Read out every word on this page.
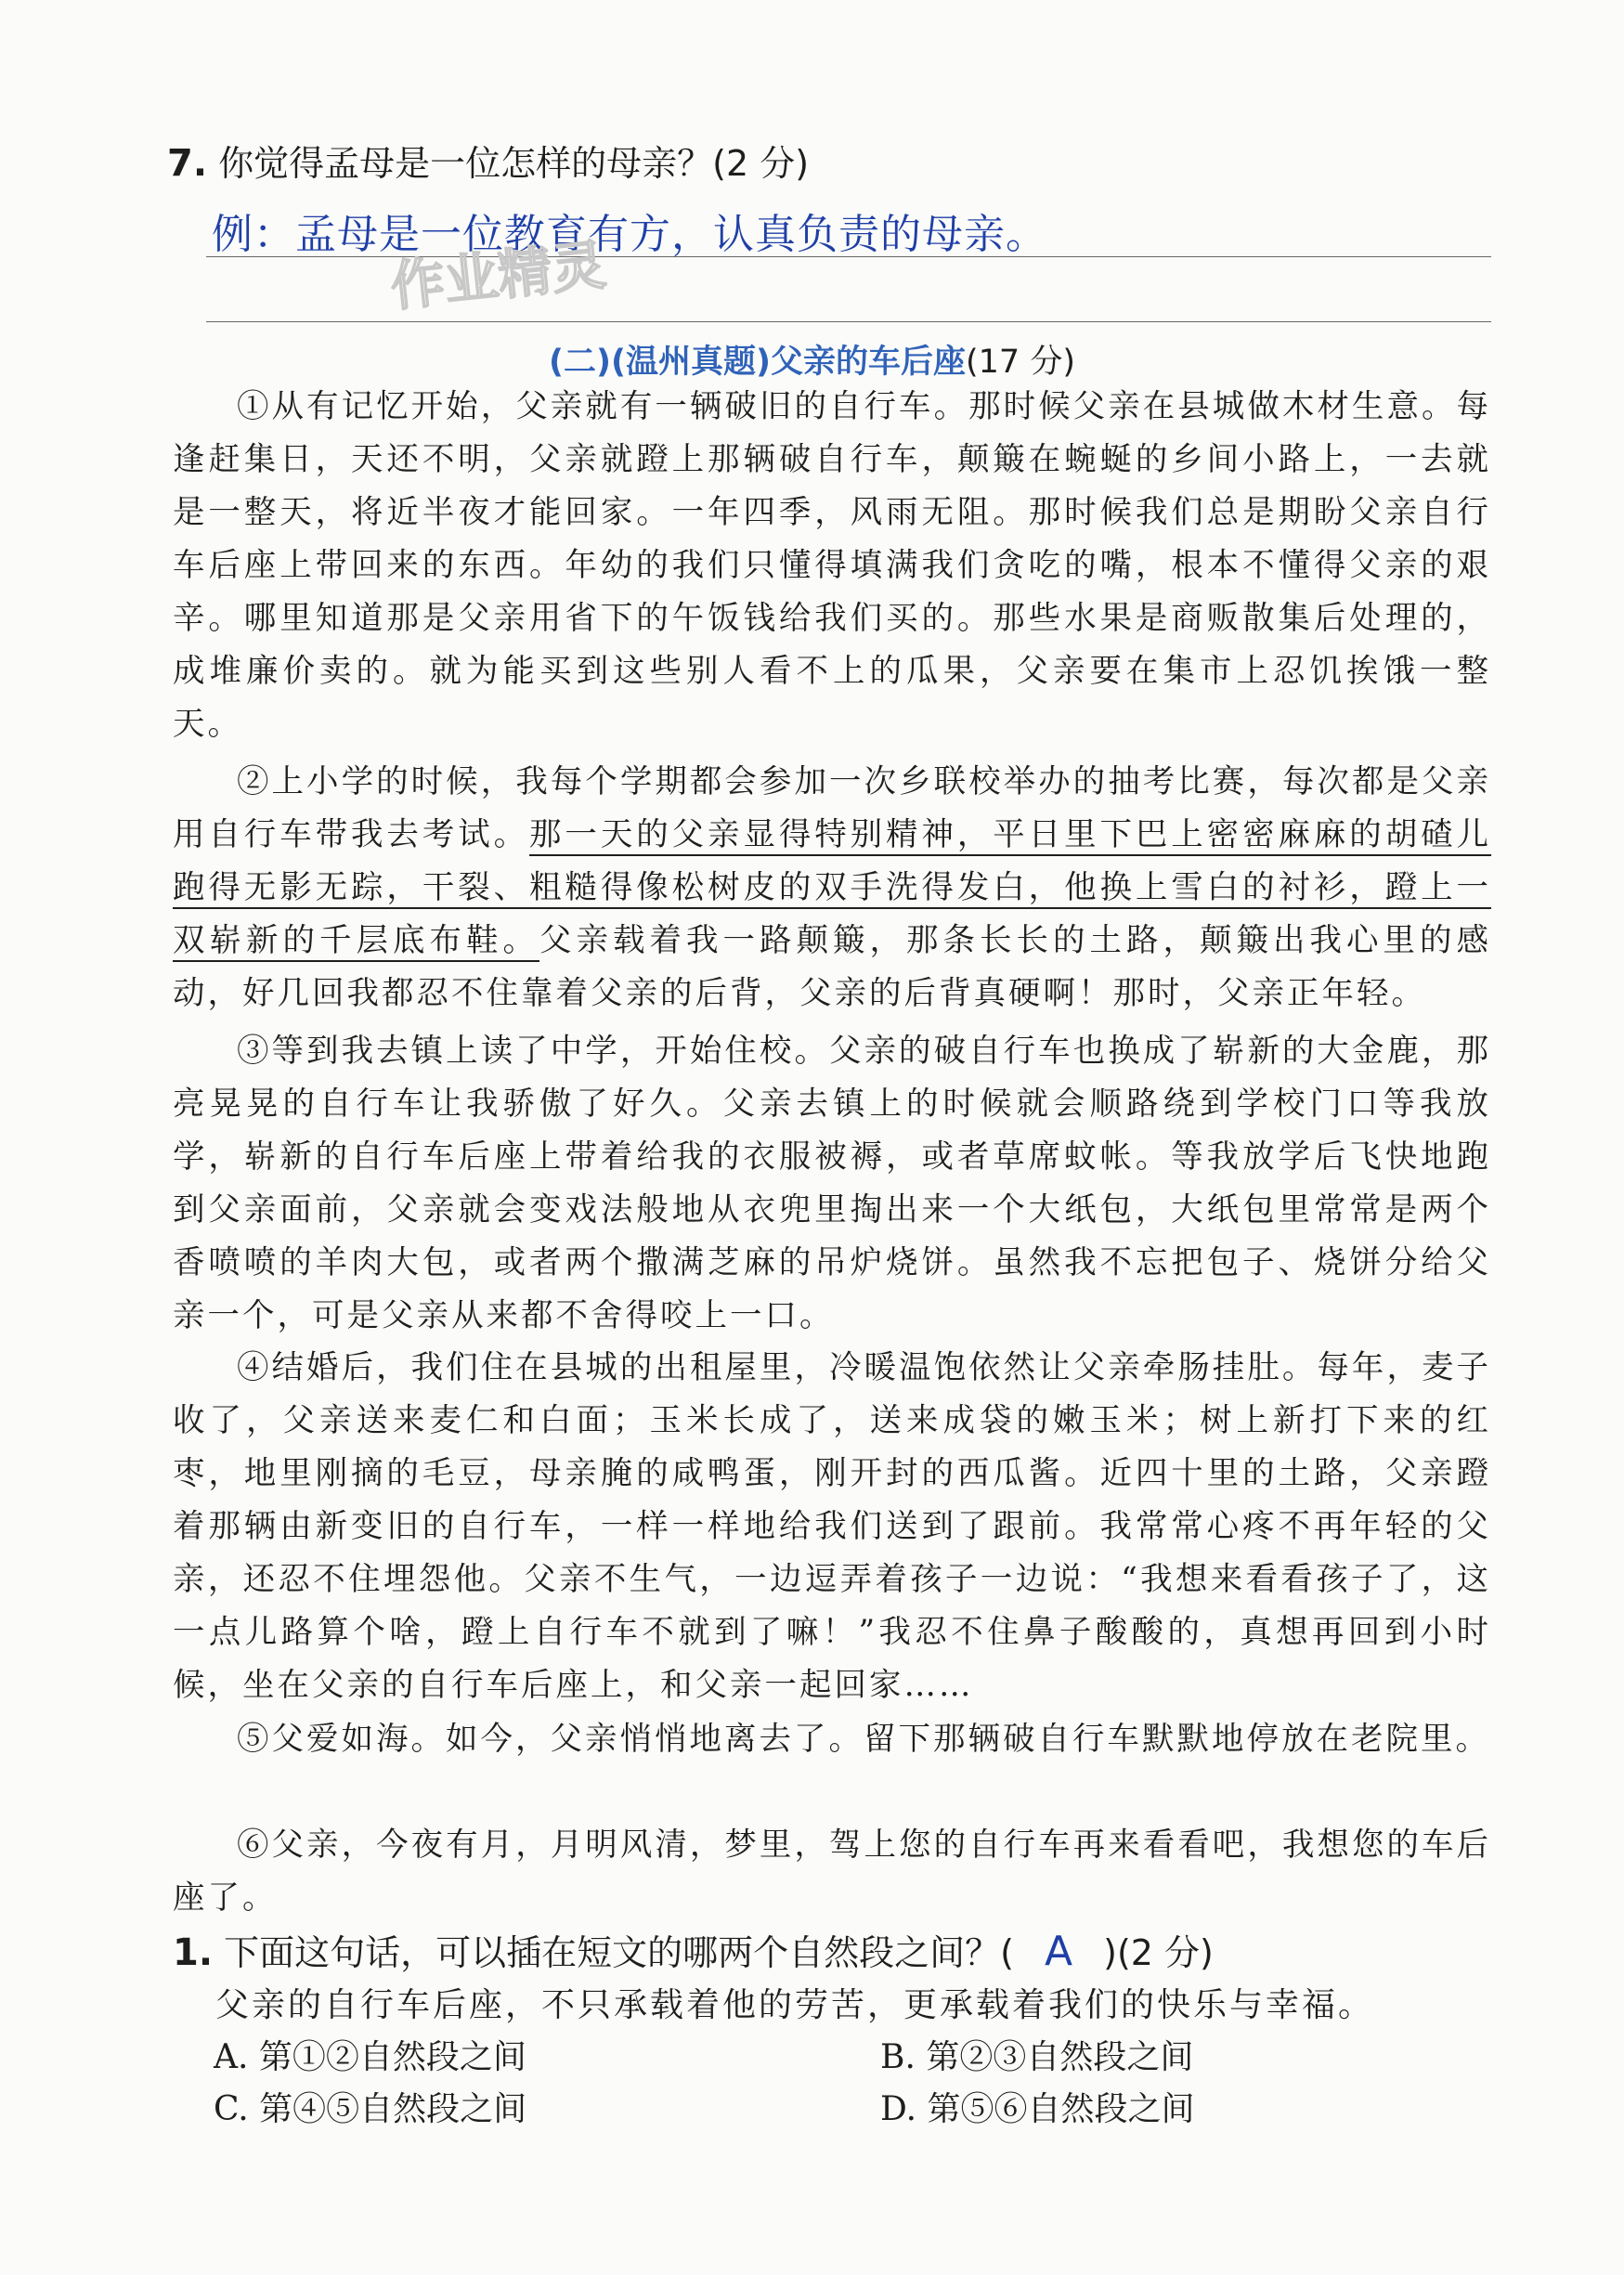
7. 你觉得孟母是一位怎样的母亲？(2 分)
例：孟母是一位教育有方，认真负责的母亲。
作业精灵
(二)(温州真题)父亲的车后座(17 分)
①从有记忆开始，父亲就有一辆破旧的自行车。那时候父亲在县城做木材生意。每逢赶集日，天还不明，父亲就蹬上那辆破自行车，颠簸在蜿蜒的乡间小路上，一去就是一整天，将近半夜才能回家。一年四季，风雨无阻。那时候我们总是期盼父亲自行车后座上带回来的东西。年幼的我们只懂得填满我们贪吃的嘴，根本不懂得父亲的艰辛。哪里知道那是父亲用省下的午饭钱给我们买的。那些水果是商贩散集后处理的，成堆廉价卖的。就为能买到这些别人看不上的瓜果，父亲要在集市上忍饥挨饿一整天。
②上小学的时候，我每个学期都会参加一次乡联校举办的抽考比赛，每次都是父亲用自行车带我去考试。那一天的父亲显得特别精神，平日里下巴上密密麻麻的胡碴儿跑得无影无踪，干裂、粗糙得像松树皮的双手洗得发白，他换上雪白的衬衫，蹬上一双崭新的千层底布鞋。父亲载着我一路颠簸，那条长长的土路，颠簸出我心里的感动，好几回我都忍不住靠着父亲的后背，父亲的后背真硬啊！那时，父亲正年轻。
③等到我去镇上读了中学，开始住校。父亲的破自行车也换成了崭新的大金鹿，那亮晃晃的自行车让我骄傲了好久。父亲去镇上的时候就会顺路绕到学校门口等我放学，崭新的自行车后座上带着给我的衣服被褥，或者草席蚊帐。等我放学后飞快地跑到父亲面前，父亲就会变戏法般地从衣兜里掏出来一个大纸包，大纸包里常常是两个香喷喷的羊肉大包，或者两个撒满芝麻的吊炉烧饼。虽然我不忘把包子、烧饼分给父亲一个，可是父亲从来都不舍得咬上一口。
④结婚后，我们住在县城的出租屋里，冷暖温饱依然让父亲牵肠挂肚。每年，麦子收了，父亲送来麦仁和白面；玉米长成了，送来成袋的嫩玉米；树上新打下来的红枣，地里刚摘的毛豆，母亲腌的咸鸭蛋，刚开封的西瓜酱。近四十里的土路，父亲蹬着那辆由新变旧的自行车，一样一样地给我们送到了跟前。我常常心疼不再年轻的父亲，还忍不住埋怨他。父亲不生气，一边逗弄着孩子一边说：“我想来看看孩子了，这一点儿路算个啥，蹬上自行车不就到了嘛！”我忍不住鼻子酸酸的，真想再回到小时候，坐在父亲的自行车后座上，和父亲一起回家……
⑤父爱如海。如今，父亲悄悄地离去了。留下那辆破自行车默默地停放在老院里。
⑥父亲，今夜有月，月明风清，梦里，驾上您的自行车再来看看吧，我想您的车后座了。
1. 下面这句话，可以插在短文的哪两个自然段之间？( A )(2 分)
父亲的自行车后座，不只承载着他的劳苦，更承载着我们的快乐与幸福。
A. 第①②自然段之间	B. 第②③自然段之间
C. 第④⑤自然段之间	D. 第⑤⑥自然段之间
